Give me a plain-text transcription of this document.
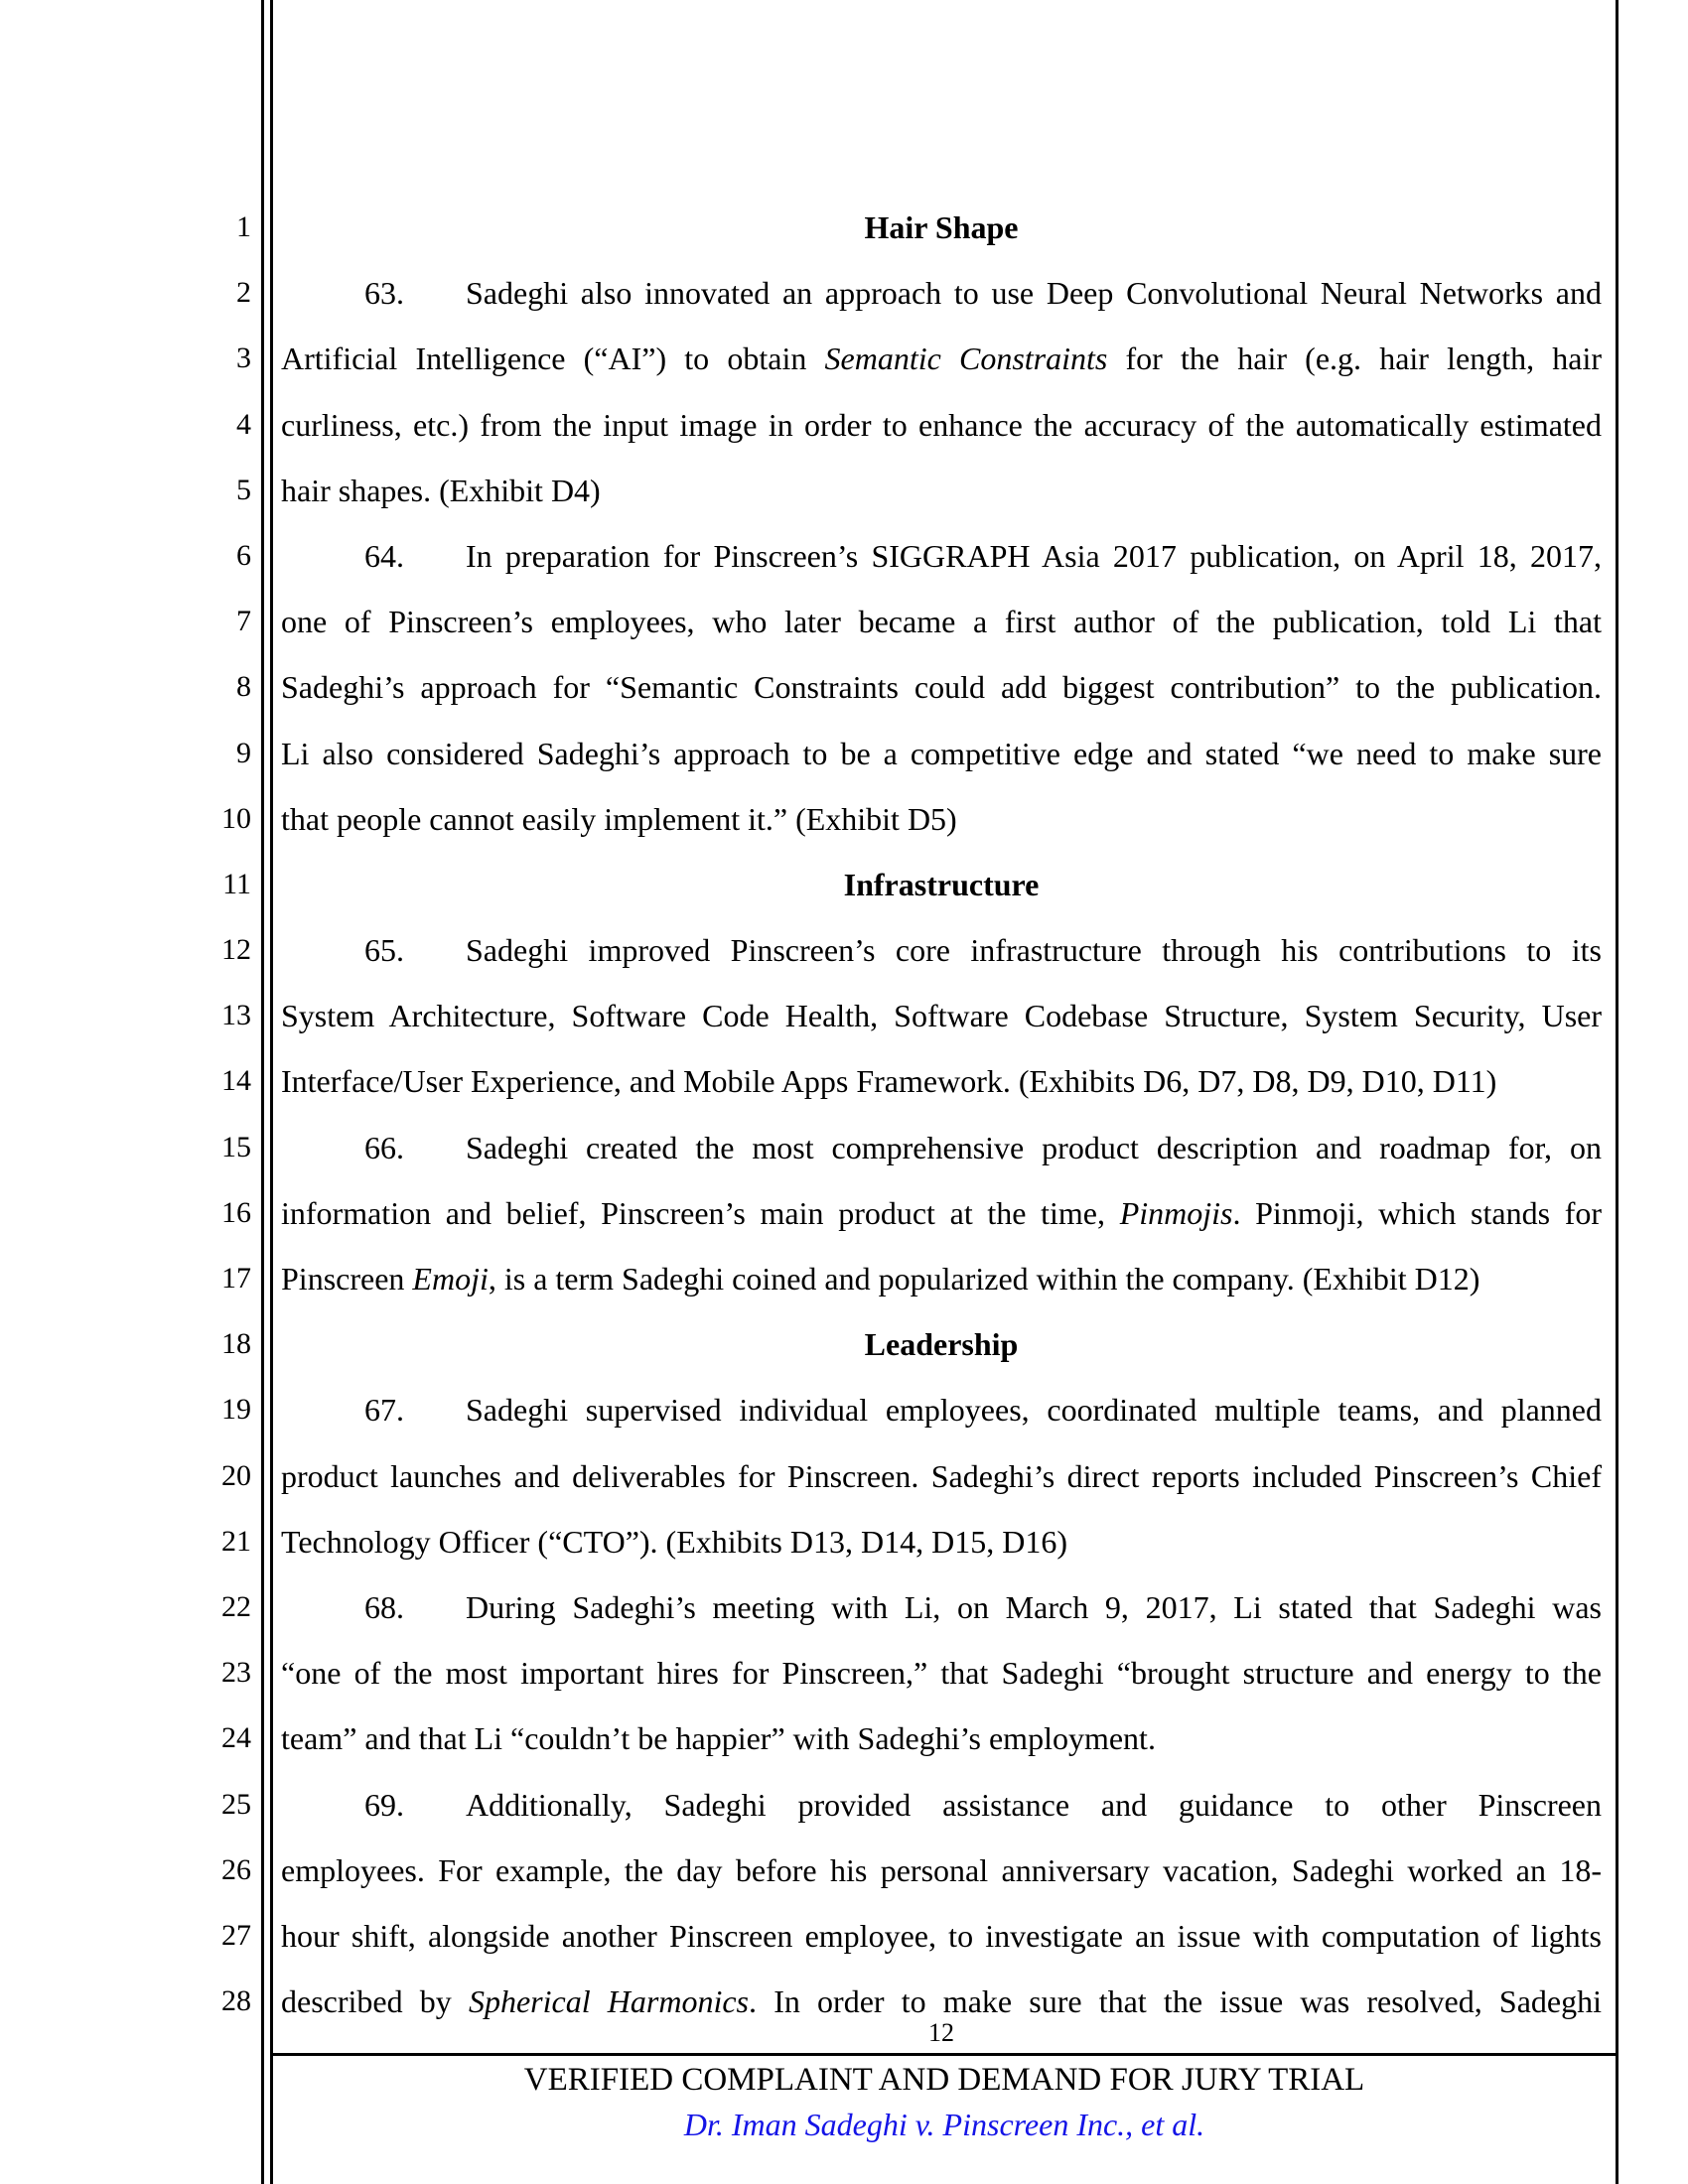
1
2
3
4
5
6
7
8
9
10
11
12
13
14
15
16
17
18
19
20
21
22
23
24
25
26
27
28
Hair Shape
63. Sadeghi also innovated an approach to use Deep Convolutional Neural Networks and
Artificial Intelligence (“AI”) to obtain Semantic Constraints for the hair (e.g. hair length, hair
curliness, etc.) from the input image in order to enhance the accuracy of the automatically estimated
hair shapes. (Exhibit D4)
64. In preparation for Pinscreen’s SIGGRAPH Asia 2017 publication, on April 18, 2017,
one of Pinscreen’s employees, who later became a first author of the publication, told Li that
Sadeghi’s approach for “Semantic Constraints could add biggest contribution” to the publication.
Li also considered Sadeghi’s approach to be a competitive edge and stated “we need to make sure
that people cannot easily implement it.” (Exhibit D5)
Infrastructure
65. Sadeghi improved Pinscreen’s core infrastructure through his contributions to its
System Architecture, Software Code Health, Software Codebase Structure, System Security, User
Interface/User Experience, and Mobile Apps Framework. (Exhibits D6, D7, D8, D9, D10, D11)
66. Sadeghi created the most comprehensive product description and roadmap for, on
information and belief, Pinscreen’s main product at the time, Pinmojis. Pinmoji, which stands for
Pinscreen Emoji, is a term Sadeghi coined and popularized within the company. (Exhibit D12)
Leadership
67. Sadeghi supervised individual employees, coordinated multiple teams, and planned
product launches and deliverables for Pinscreen. Sadeghi’s direct reports included Pinscreen’s Chief
Technology Officer (“CTO”). (Exhibits D13, D14, D15, D16)
68. During Sadeghi’s meeting with Li, on March 9, 2017, Li stated that Sadeghi was
“one of the most important hires for Pinscreen,” that Sadeghi “brought structure and energy to the
team” and that Li “couldn’t be happier” with Sadeghi’s employment.
69. Additionally, Sadeghi provided assistance and guidance to other Pinscreen
employees. For example, the day before his personal anniversary vacation, Sadeghi worked an 18-
hour shift, alongside another Pinscreen employee, to investigate an issue with computation of lights
described by Spherical Harmonics. In order to make sure that the issue was resolved, Sadeghi
12
VERIFIED COMPLAINT AND DEMAND FOR JURY TRIAL
Dr. Iman Sadeghi v. Pinscreen Inc., et al.
